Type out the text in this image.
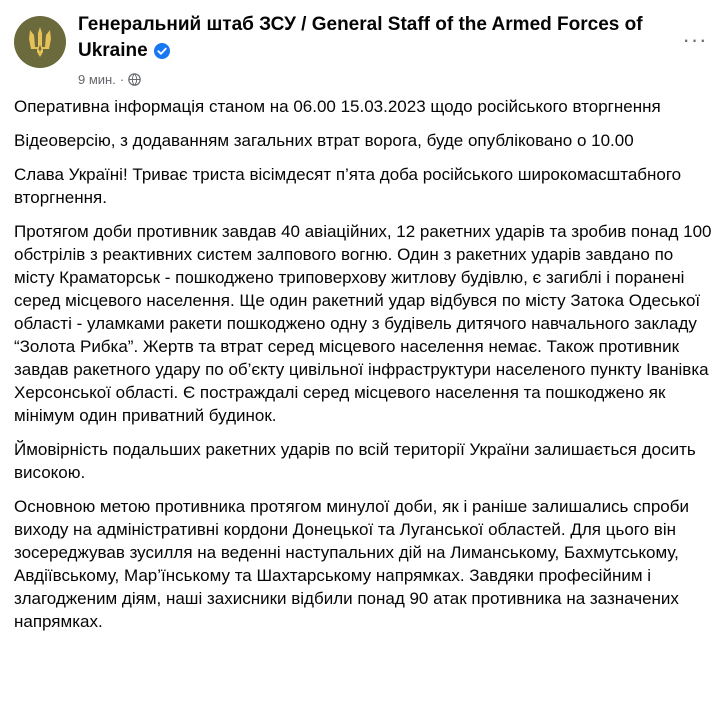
Генеральний штаб ЗСУ / General Staff of the Armed Forces of Ukraine
9 мин. ·
···

Оперативна інформація станом на 06.00 15.03.2023 щодо російського вторгнення

Відеоверсію, з додаванням загальних втрат ворога, буде опубліковано о 10.00

Слава Україні! Триває триста вісімдесят п’ята доба російського широкомасштабного вторгнення.

Протягом доби противник завдав 40 авіаційних, 12 ракетних ударів та зробив понад 100 обстрілів з реактивних систем залпового вогню. Один з ракетних ударів завдано по місту Краматорськ - пошкоджено триповерхову житлову будівлю, є загиблі і поранені серед місцевого населення. Ще один ракетний удар відбувся по місту Затока Одеської області - уламками ракети пошкоджено одну з будівель дитячого навчального закладу “Золота Рибка”. Жертв та втрат серед місцевого населення немає. Також противник завдав ракетного удару по об’єкту цивільної інфраструктури населеного пункту Іванівка Херсонської області. Є постраждалі серед місцевого населення та пошкоджено як мінімум один приватний будинок.

Ймовірність подальших ракетних ударів по всій території України залишається досить високою.

Основною метою противника протягом минулої доби, як і раніше залишались спроби виходу на адміністративні кордони Донецької та Луганської областей. Для цього він зосереджував зусилля на веденні наступальних дій на Лиманському, Бахмутському, Авдіївському, Мар’їнському та Шахтарському напрямках. Завдяки професійним і злагодженим діям, наші захисники відбили понад 90 атак противника на зазначених напрямках.
